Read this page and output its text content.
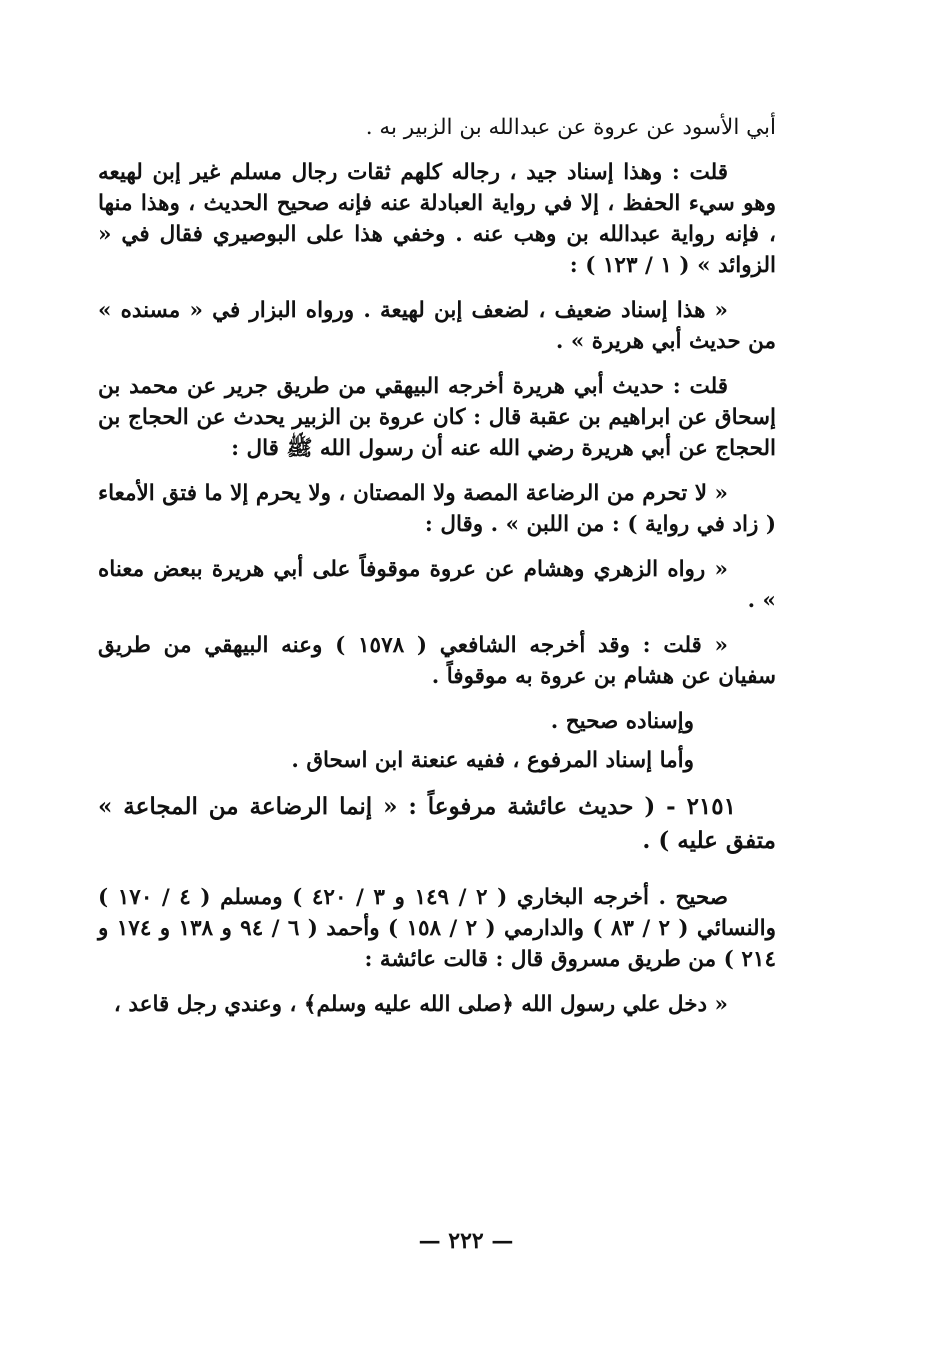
أبي الأسود عن عروة عن عبدالله بن الزبير به .

قلت : وهذا إسناد جيد ، رجاله كلهم ثقات رجال مسلم غير إبن لهيعه وهو سيء الحفظ ، إلا في رواية العبادلة عنه فإنه صحيح الحديث ، وهذا منها ، فإنه رواية عبدالله بن وهب عنه . وخفي هذا على البوصيري فقال في « الزوائد » ( ١ / ١٢٣ ) :

« هذا إسناد ضعيف ، لضعف إبن لهيعة . ورواه البزار في « مسنده » من حديث أبي هريرة » .

قلت : حديث أبي هريرة أخرجه البيهقي من طريق جرير عن محمد بن إسحاق عن ابراهيم بن عقبة قال : كان عروة بن الزبير يحدث عن الحجاج بن الحجاج عن أبي هريرة رضي الله عنه أن رسول الله ﷺ قال :

« لا تحرم من الرضاعة المصة ولا المصتان ، ولا يحرم إلا ما فتق الأمعاء ( زاد في رواية ) : من اللبن » . وقال :

« رواه الزهري وهشام عن عروة موقوفاً على أبي هريرة ببعض معناه » .

« قلت : وقد أخرجه الشافعي ( ١٥٧٨ ) وعنه البيهقي من طريق سفيان عن هشام بن عروة به موقوفاً .

وإسناده صحيح .

وأما إسناد المرفوع ، ففيه عنعنة ابن اسحاق .

٢١٥١ - ( حديث عائشة مرفوعاً : « إنما الرضاعة من المجاعة » متفق عليه ) .

صحيح . أخرجه البخاري ( ٢ / ١٤٩ و ٣ / ٤٢٠ ) ومسلم ( ٤ / ١٧٠ ) والنسائي ( ٢ / ٨٣ ) والدارمي ( ٢ / ١٥٨ ) وأحمد ( ٦ / ٩٤ و ١٣٨ و ١٧٤ و ٢١٤ ) من طريق مسروق قال : قالت عائشة :

« دخل علي رسول الله ﴿صلى الله عليه وسلم﴾ ، وعندي رجل قاعد ،

— ٢٢٢ —
